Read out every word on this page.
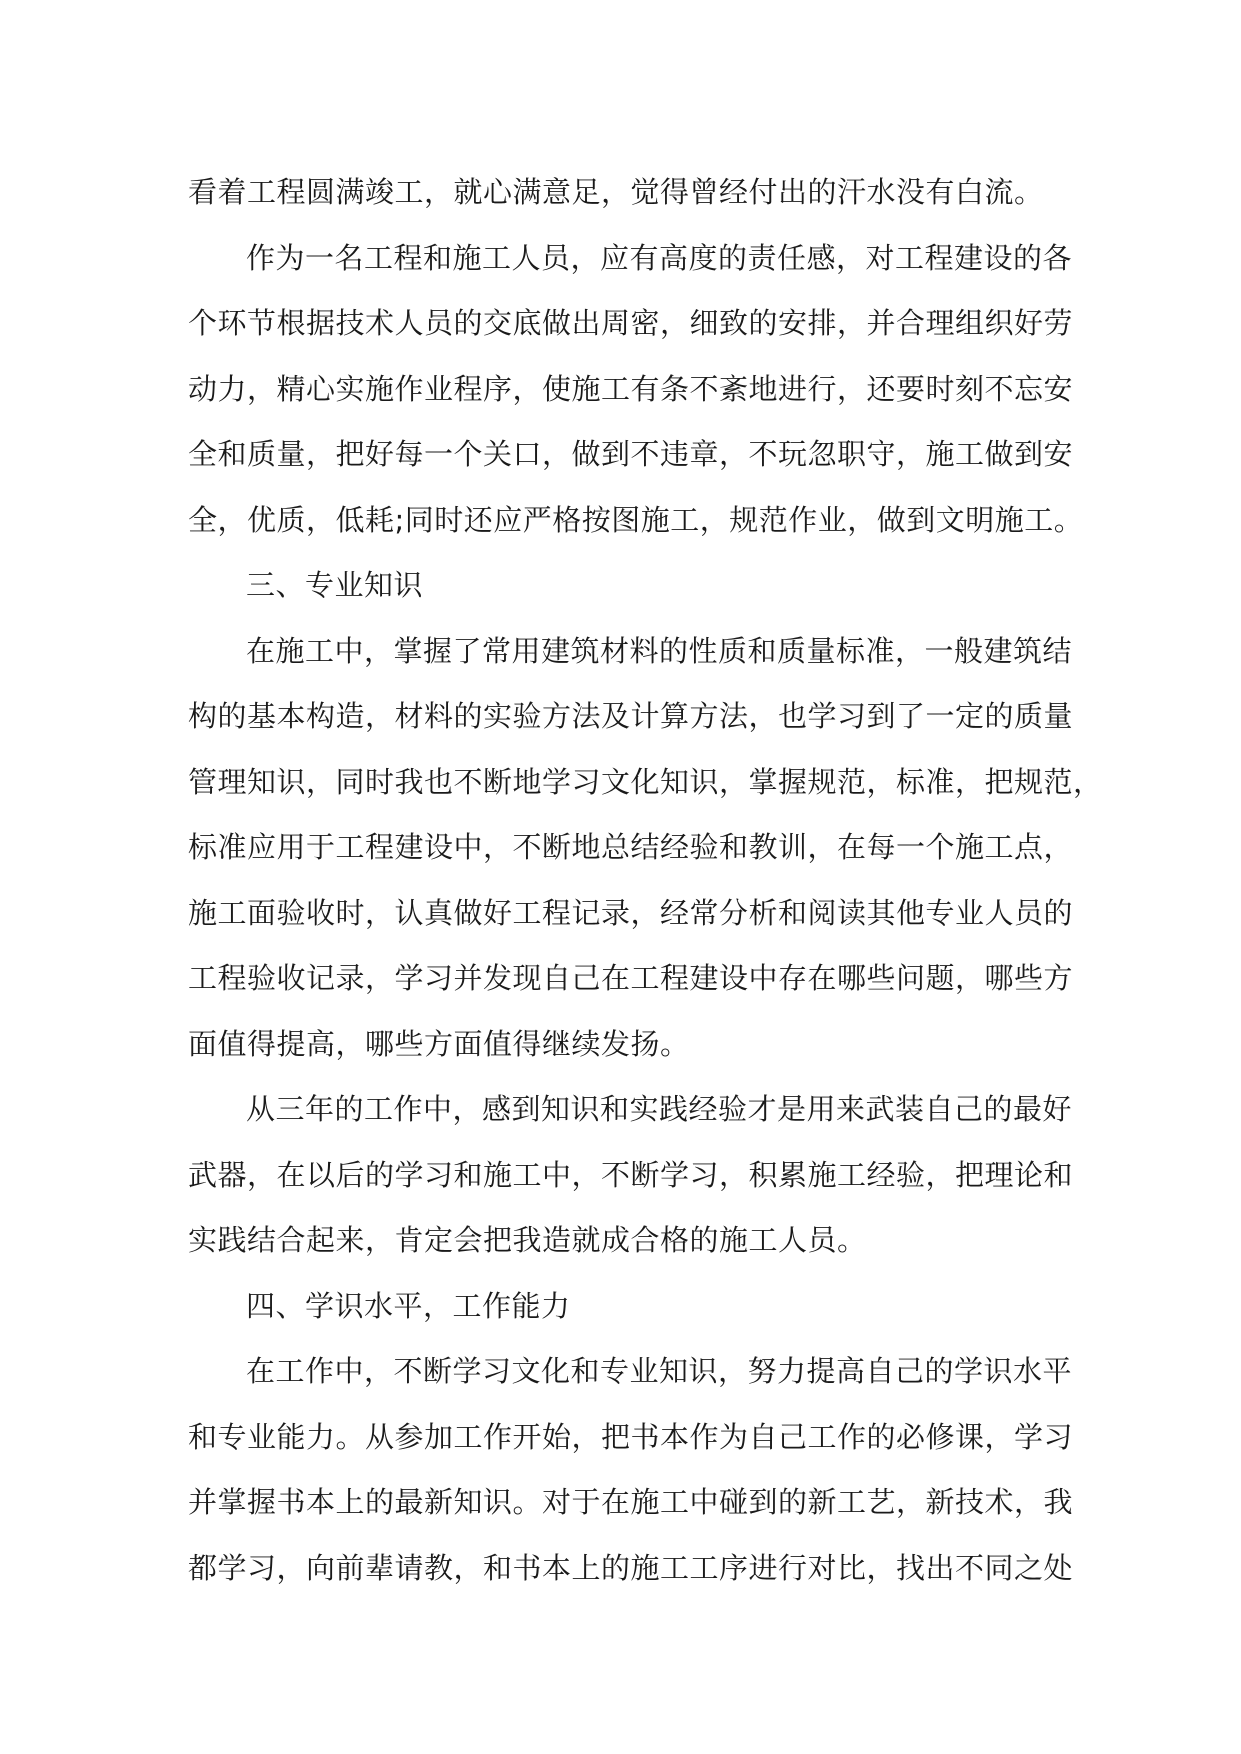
看着工程圆满竣工，就心满意足，觉得曾经付出的汗水没有白流。
作为一名工程和施工人员，应有高度的责任感，对工程建设的各
个环节根据技术人员的交底做出周密，细致的安排，并合理组织好劳
动力，精心实施作业程序，使施工有条不紊地进行，还要时刻不忘安
全和质量，把好每一个关口，做到不违章，不玩忽职守，施工做到安
全，优质，低耗;同时还应严格按图施工，规范作业，做到文明施工。
三、专业知识
在施工中，掌握了常用建筑材料的性质和质量标准，一般建筑结
构的基本构造，材料的实验方法及计算方法，也学习到了一定的质量
管理知识，同时我也不断地学习文化知识，掌握规范，标准，把规范，
标准应用于工程建设中，不断地总结经验和教训，在每一个施工点，
施工面验收时，认真做好工程记录，经常分析和阅读其他专业人员的
工程验收记录，学习并发现自己在工程建设中存在哪些问题，哪些方
面值得提高，哪些方面值得继续发扬。
从三年的工作中，感到知识和实践经验才是用来武装自己的最好
武器，在以后的学习和施工中，不断学习，积累施工经验，把理论和
实践结合起来，肯定会把我造就成合格的施工人员。
四、学识水平，工作能力
在工作中，不断学习文化和专业知识，努力提高自己的学识水平
和专业能力。从参加工作开始，把书本作为自己工作的必修课，学习
并掌握书本上的最新知识。对于在施工中碰到的新工艺，新技术，我
都学习，向前辈请教，和书本上的施工工序进行对比，找出不同之处
